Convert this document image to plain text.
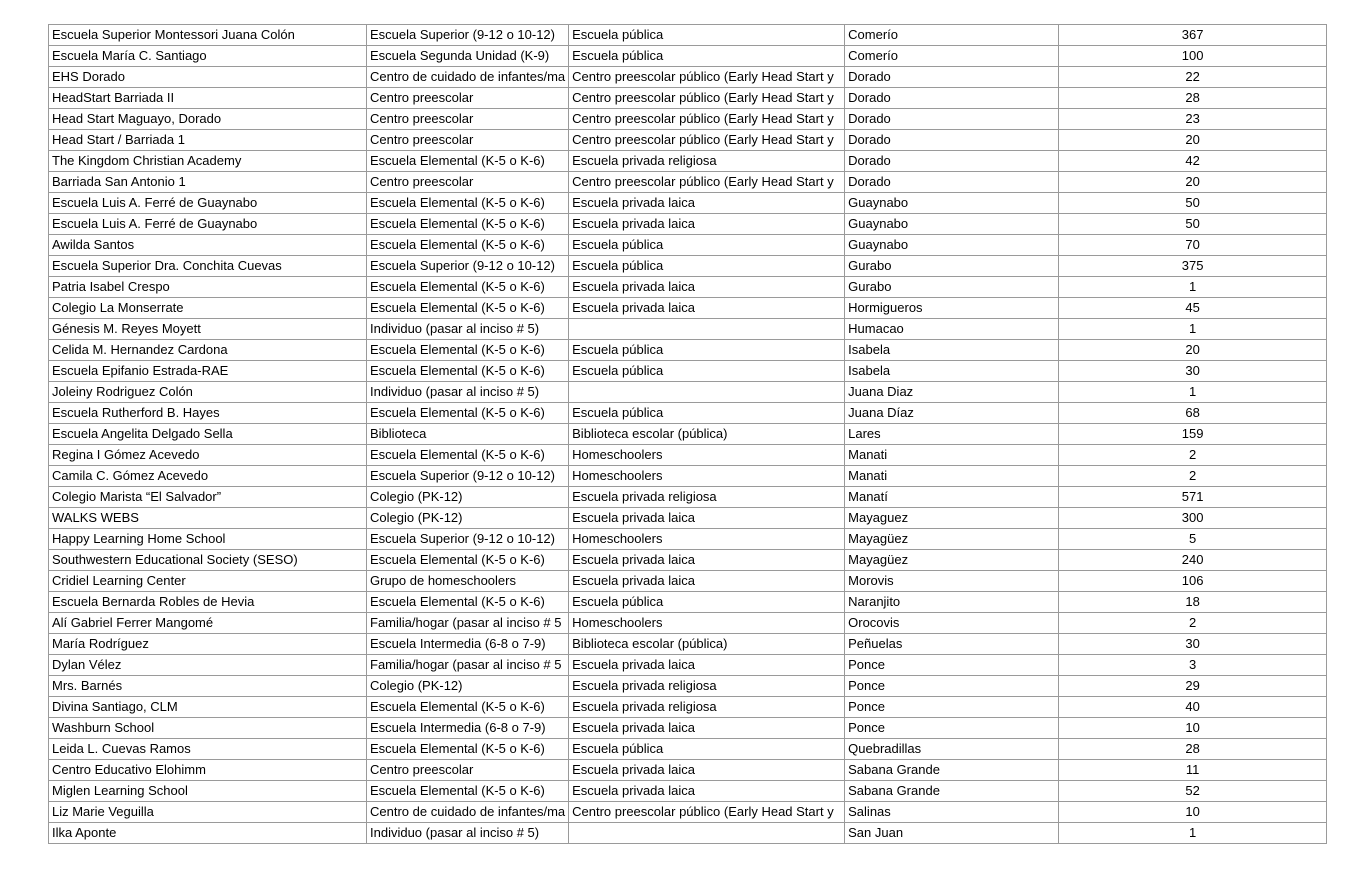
Escuela Superior Montessori Juana Colón	Escuela Superior (9-12 o 10-12)	Escuela pública	Comerío	367
Escuela María C. Santiago	Escuela Segunda Unidad (K-9)	Escuela pública	Comerío	100
EHS Dorado	Centro de cuidado de infantes/ma	Centro preescolar público (Early Head Start y	Dorado	22
HeadStart Barriada II	Centro preescolar	Centro preescolar público (Early Head Start y	Dorado	28
Head Start Maguayo, Dorado	Centro preescolar	Centro preescolar público (Early Head Start y	Dorado	23
Head Start / Barriada 1	Centro preescolar	Centro preescolar público (Early Head Start y	Dorado	20
The Kingdom Christian Academy	Escuela Elemental (K-5 o K-6)	Escuela privada religiosa	Dorado	42
Barriada San Antonio 1	Centro preescolar	Centro preescolar público (Early Head Start y	Dorado	20
Escuela Luis A. Ferré de Guaynabo	Escuela Elemental (K-5 o K-6)	Escuela privada laica	Guaynabo	50
Escuela Luis A. Ferré de Guaynabo	Escuela Elemental (K-5 o K-6)	Escuela privada laica	Guaynabo	50
Awilda Santos	Escuela Elemental (K-5 o K-6)	Escuela pública	Guaynabo	70
Escuela Superior Dra. Conchita Cuevas	Escuela Superior (9-12 o 10-12)	Escuela pública	Gurabo	375
Patria Isabel Crespo	Escuela Elemental (K-5 o K-6)	Escuela privada laica	Gurabo	1
Colegio La Monserrate	Escuela Elemental (K-5 o K-6)	Escuela privada laica	Hormigueros	45
Génesis M. Reyes Moyett	Individuo (pasar al inciso # 5)		Humacao	1
Celida M. Hernandez Cardona	Escuela Elemental (K-5 o K-6)	Escuela pública	Isabela	20
Escuela Epifanio Estrada-RAE	Escuela Elemental (K-5 o K-6)	Escuela pública	Isabela	30
Joleiny Rodriguez Colón	Individuo (pasar al inciso # 5)		Juana Diaz	1
Escuela Rutherford B. Hayes	Escuela Elemental (K-5 o K-6)	Escuela pública	Juana Díaz	68
Escuela Angelita Delgado Sella	Biblioteca	Biblioteca escolar (pública)	Lares	159
Regina I Gómez Acevedo	Escuela Elemental (K-5 o K-6)	Homeschoolers	Manati	2
Camila C. Gómez Acevedo	Escuela Superior (9-12 o 10-12)	Homeschoolers	Manati	2
Colegio Marista “El Salvador”	Colegio (PK-12)	Escuela privada religiosa	Manatí	571
WALKS WEBS	Colegio (PK-12)	Escuela privada laica	Mayaguez	300
Happy Learning Home School	Escuela Superior (9-12 o 10-12)	Homeschoolers	Mayagüez	5
Southwestern Educational Society (SESO)	Escuela Elemental (K-5 o K-6)	Escuela privada laica	Mayagüez	240
Cridiel Learning Center	Grupo de homeschoolers	Escuela privada laica	Morovis	106
Escuela Bernarda Robles de Hevia	Escuela Elemental (K-5 o K-6)	Escuela pública	Naranjito	18
Alí Gabriel Ferrer Mangomé	Familia/hogar (pasar al inciso # 5	Homeschoolers	Orocovis	2
María Rodríguez	Escuela Intermedia (6-8 o 7-9)	Biblioteca escolar (pública)	Peñuelas	30
Dylan Vélez	Familia/hogar (pasar al inciso # 5	Escuela privada laica	Ponce	3
Mrs. Barnés	Colegio (PK-12)	Escuela privada religiosa	Ponce	29
Divina Santiago, CLM	Escuela Elemental (K-5 o K-6)	Escuela privada religiosa	Ponce	40
Washburn School	Escuela Intermedia (6-8 o 7-9)	Escuela privada laica	Ponce	10
Leida L. Cuevas Ramos	Escuela Elemental (K-5 o K-6)	Escuela pública	Quebradillas	28
Centro Educativo Elohimm	Centro preescolar	Escuela privada laica	Sabana Grande	11
Miglen Learning School	Escuela Elemental (K-5 o K-6)	Escuela privada laica	Sabana Grande	52
Liz Marie Veguilla	Centro de cuidado de infantes/ma	Centro preescolar público (Early Head Start y	Salinas	10
Ilka Aponte	Individuo (pasar al inciso # 5)		San Juan	1
